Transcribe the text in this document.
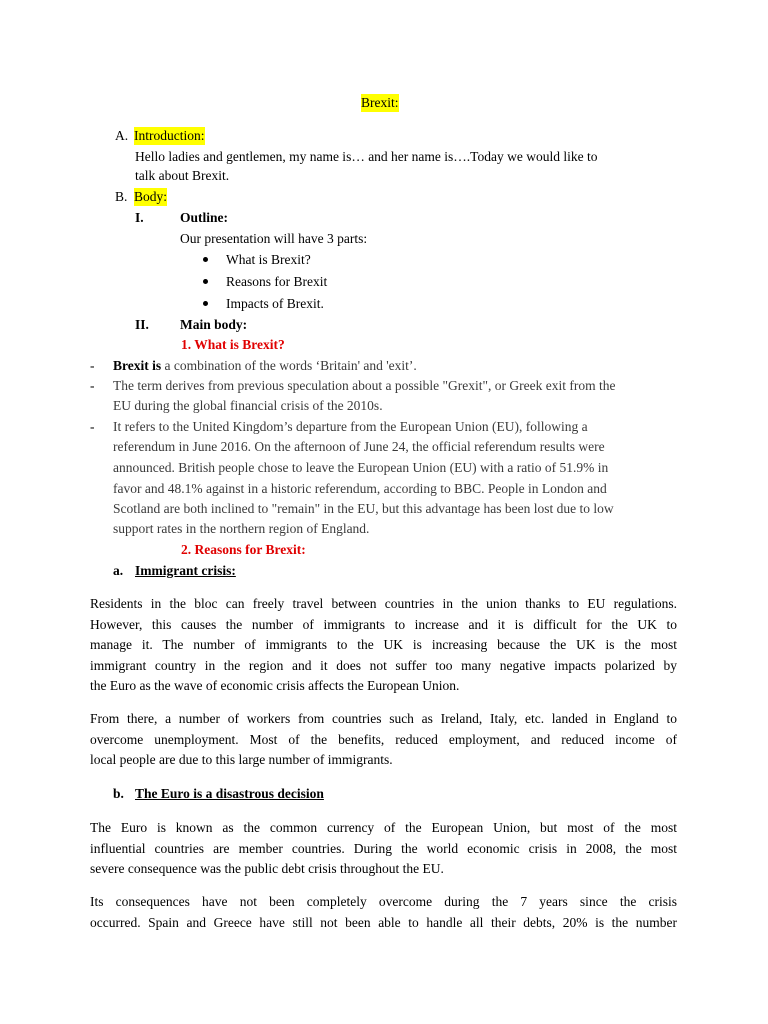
Brexit:
A. Introduction:
Hello ladies and gentlemen, my name is… and her name is….Today we would like to
talk about Brexit.
B. Body:
I.	Outline:
Our presentation will have 3 parts:
What is Brexit?
Reasons for Brexit
Impacts of Brexit.
II. Main body:
1. What is Brexit?
- Brexit is a combination of the words ‘Britain' and 'exit’.
- The term derives from previous speculation about a possible "Grexit", or Greek exit from the
EU during the global financial crisis of the 2010s.
- It refers to the United Kingdom’s departure from the European Union (EU), following a
referendum in June 2016. On the afternoon of June 24, the official referendum results were
announced. British people chose to leave the European Union (EU) with a ratio of 51.9% in
favor and 48.1% against in a historic referendum, according to BBC. People in London and
Scotland are both inclined to "remain" in the EU, but this advantage has been lost due to low
support rates in the northern region of England.
2. Reasons for Brexit:
a. Immigrant crisis:
Residents in the bloc can freely travel between countries in the union thanks to EU regulations.
However, this causes the number of immigrants to increase and it is difficult for the UK to
manage it. The number of immigrants to the UK is increasing because the UK is the most
immigrant country in the region and it does not suffer too many negative impacts polarized by
the Euro as the wave of economic crisis affects the European Union.
From there, a number of workers from countries such as Ireland, Italy, etc. landed in England to
overcome unemployment. Most of the benefits, reduced employment, and reduced income of
local people are due to this large number of immigrants.
b. The Euro is a disastrous decision
The Euro is known as the common currency of the European Union, but most of the most
influential countries are member countries. During the world economic crisis in 2008, the most
severe consequence was the public debt crisis throughout the EU.
Its consequences have not been completely overcome during the 7 years since the crisis
occurred. Spain and Greece have still not been able to handle all their debts, 20% is the number
